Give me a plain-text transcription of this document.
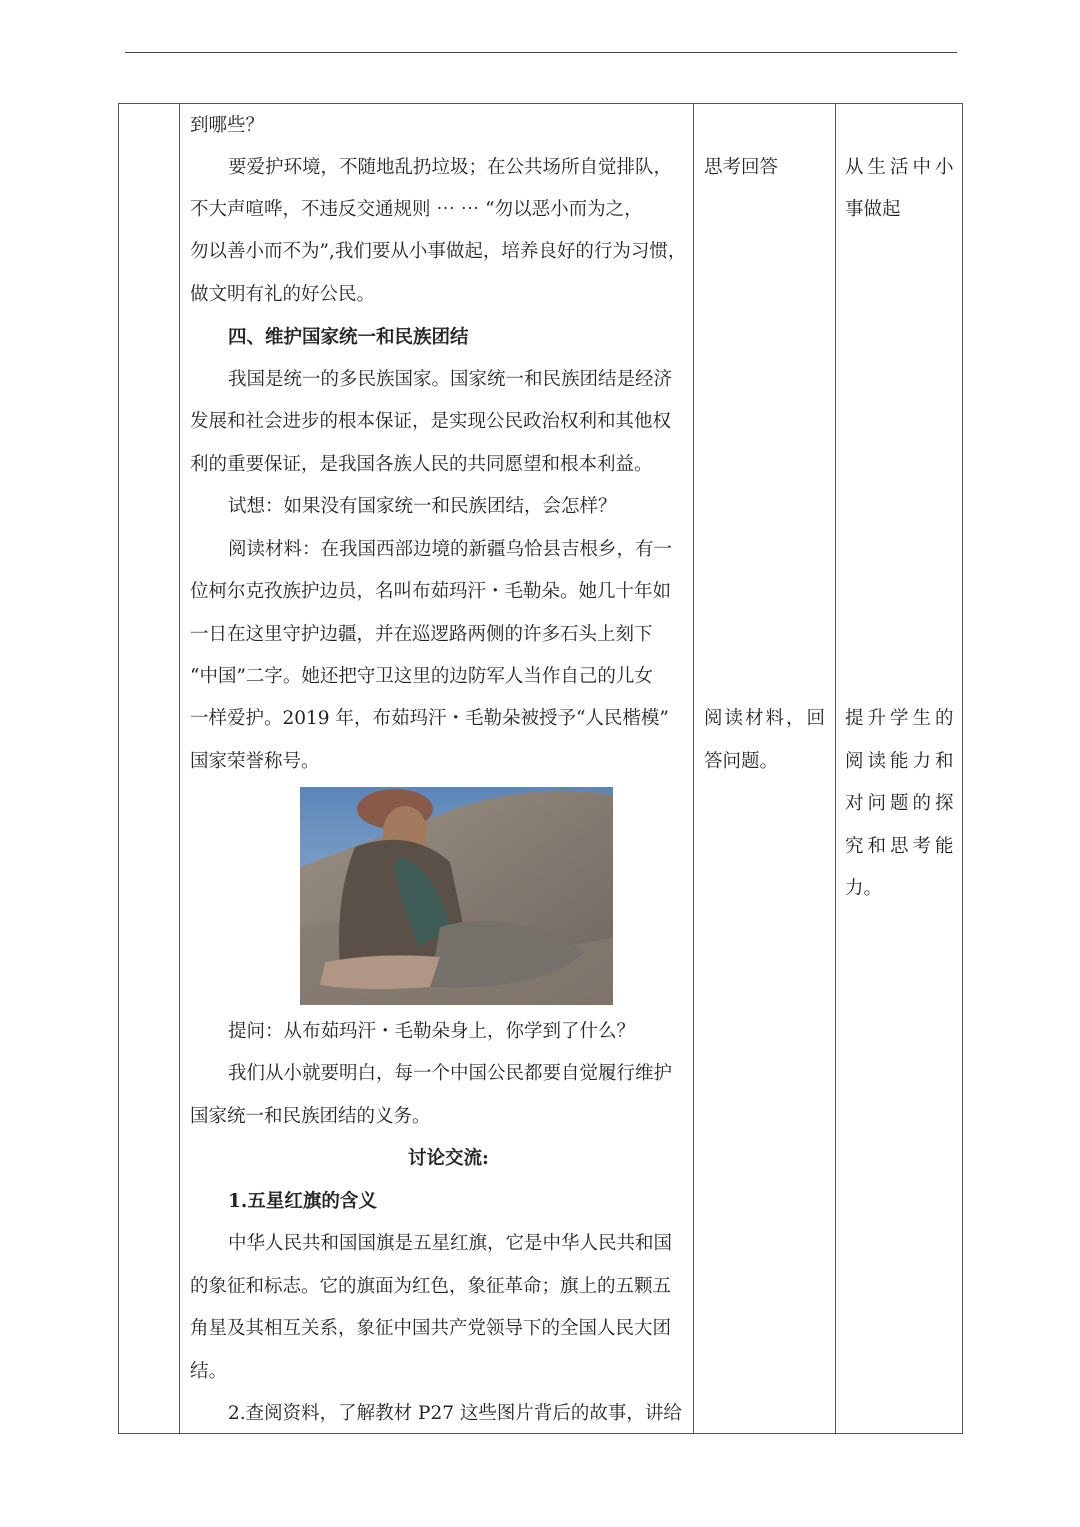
到哪些？
要爱护环境，不随地乱扔垃圾；在公共场所自觉排队，
不大声喧哗，不违反交通规则 ⋯ ⋯ “勿以恶小而为之，
勿以善小而不为”,我们要从小事做起，培养良好的行为习惯，
做文明有礼的好公民。
四、维护国家统一和民族团结
我国是统一的多民族国家。国家统一和民族团结是经济
发展和社会进步的根本保证，是实现公民政治权利和其他权
利的重要保证，是我国各族人民的共同愿望和根本利益。
试想：如果没有国家统一和民族团结，会怎样？
阅读材料：在我国西部边境的新疆乌恰县吉根乡，有一
位柯尔克孜族护边员，名叫布茹玛汗・毛勒朵。她几十年如
一日在这里守护边疆，并在巡逻路两侧的许多石头上刻下
“中国”二字。她还把守卫这里的边防军人当作自己的儿女
一样爱护。2019 年，布茹玛汗・毛勒朵被授予“人民楷模”
国家荣誉称号。
提问：从布茹玛汗・毛勒朵身上，你学到了什么？
我们从小就要明白，每一个中国公民都要自觉履行维护
国家统一和民族团结的义务。
讨论交流:
1.五星红旗的含义
中华人民共和国国旗是五星红旗，它是中华人民共和国
的象征和标志。它的旗面为红色，象征革命；旗上的五颗五
角星及其相互关系，象征中国共产党领导下的全国人民大团
结。
2.查阅资料，了解教材 P27 这些图片背后的故事，讲给
思考回答
阅读材料，回
答问题。
从生活中小
事做起
提升学生的
阅读能力和
对问题的探
究和思考能
力。
